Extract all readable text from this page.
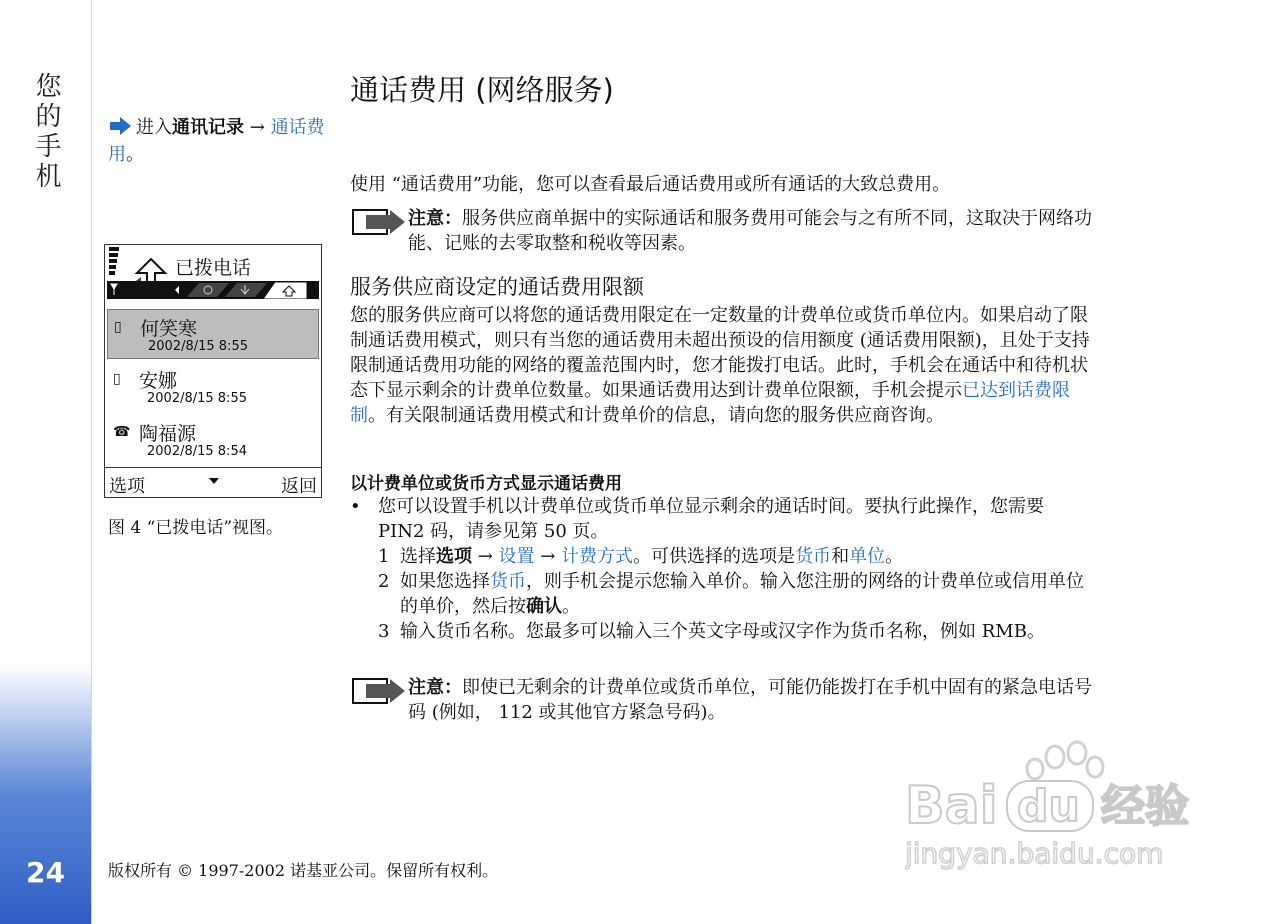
您的手机
24
通话费用 (网络服务)
进入通讯记录 → 通话费用。
使用 “通话费用”功能，您可以查看最后通话费用或所有通话的大致总费用。
注意：服务供应商单据中的实际通话和服务费用可能会与之有所不同，这取决于网络功能、记账的去零取整和税收等因素。
服务供应商设定的通话费用限额
您的服务供应商可以将您的通话费用限定在一定数量的计费单位或货币单位内。如果启动了限制通话费用模式，则只有当您的通话费用未超出预设的信用额度 (通话费用限额)，且处于支持限制通话费用功能的网络的覆盖范围内时，您才能拨打电话。此时，手机会在通话中和待机状态下显示剩余的计费单位数量。如果通话费用达到计费单位限额，手机会提示已达到话费限制。有关限制通话费用模式和计费单价的信息，请向您的服务供应商咨询。
以计费单位或货币方式显示通话费用
• 您可以设置手机以计费单位或货币单位显示剩余的通话时间。要执行此操作，您需要 PIN2 码，请参见第 50 页。
1 选择选项 → 设置 → 计费方式。可供选择的选项是货币和单位。
2 如果您选择货币，则手机会提示您输入单价。输入您注册的网络的计费单位或信用单位的单价，然后按确认。
3 输入货币名称。您最多可以输入三个英文字母或汉字作为货币名称，例如 RMB。
注意：即使已无剩余的计费单位或货币单位，可能仍能拨打在手机中固有的紧急电话号码 (例如， 112 或其他官方紧急号码)。
已拨电话
▯ 何笑寒
2002/8/15 8:55
▯ 安娜
2002/8/15 8:55
☎ 陶福源
2002/8/15 8:54
选项	返回
图 4 “已拨电话”视图。
版权所有 © 1997-2002 诺基亚公司。保留所有权利。
Bai du 经验
jingyan.baidu.com
